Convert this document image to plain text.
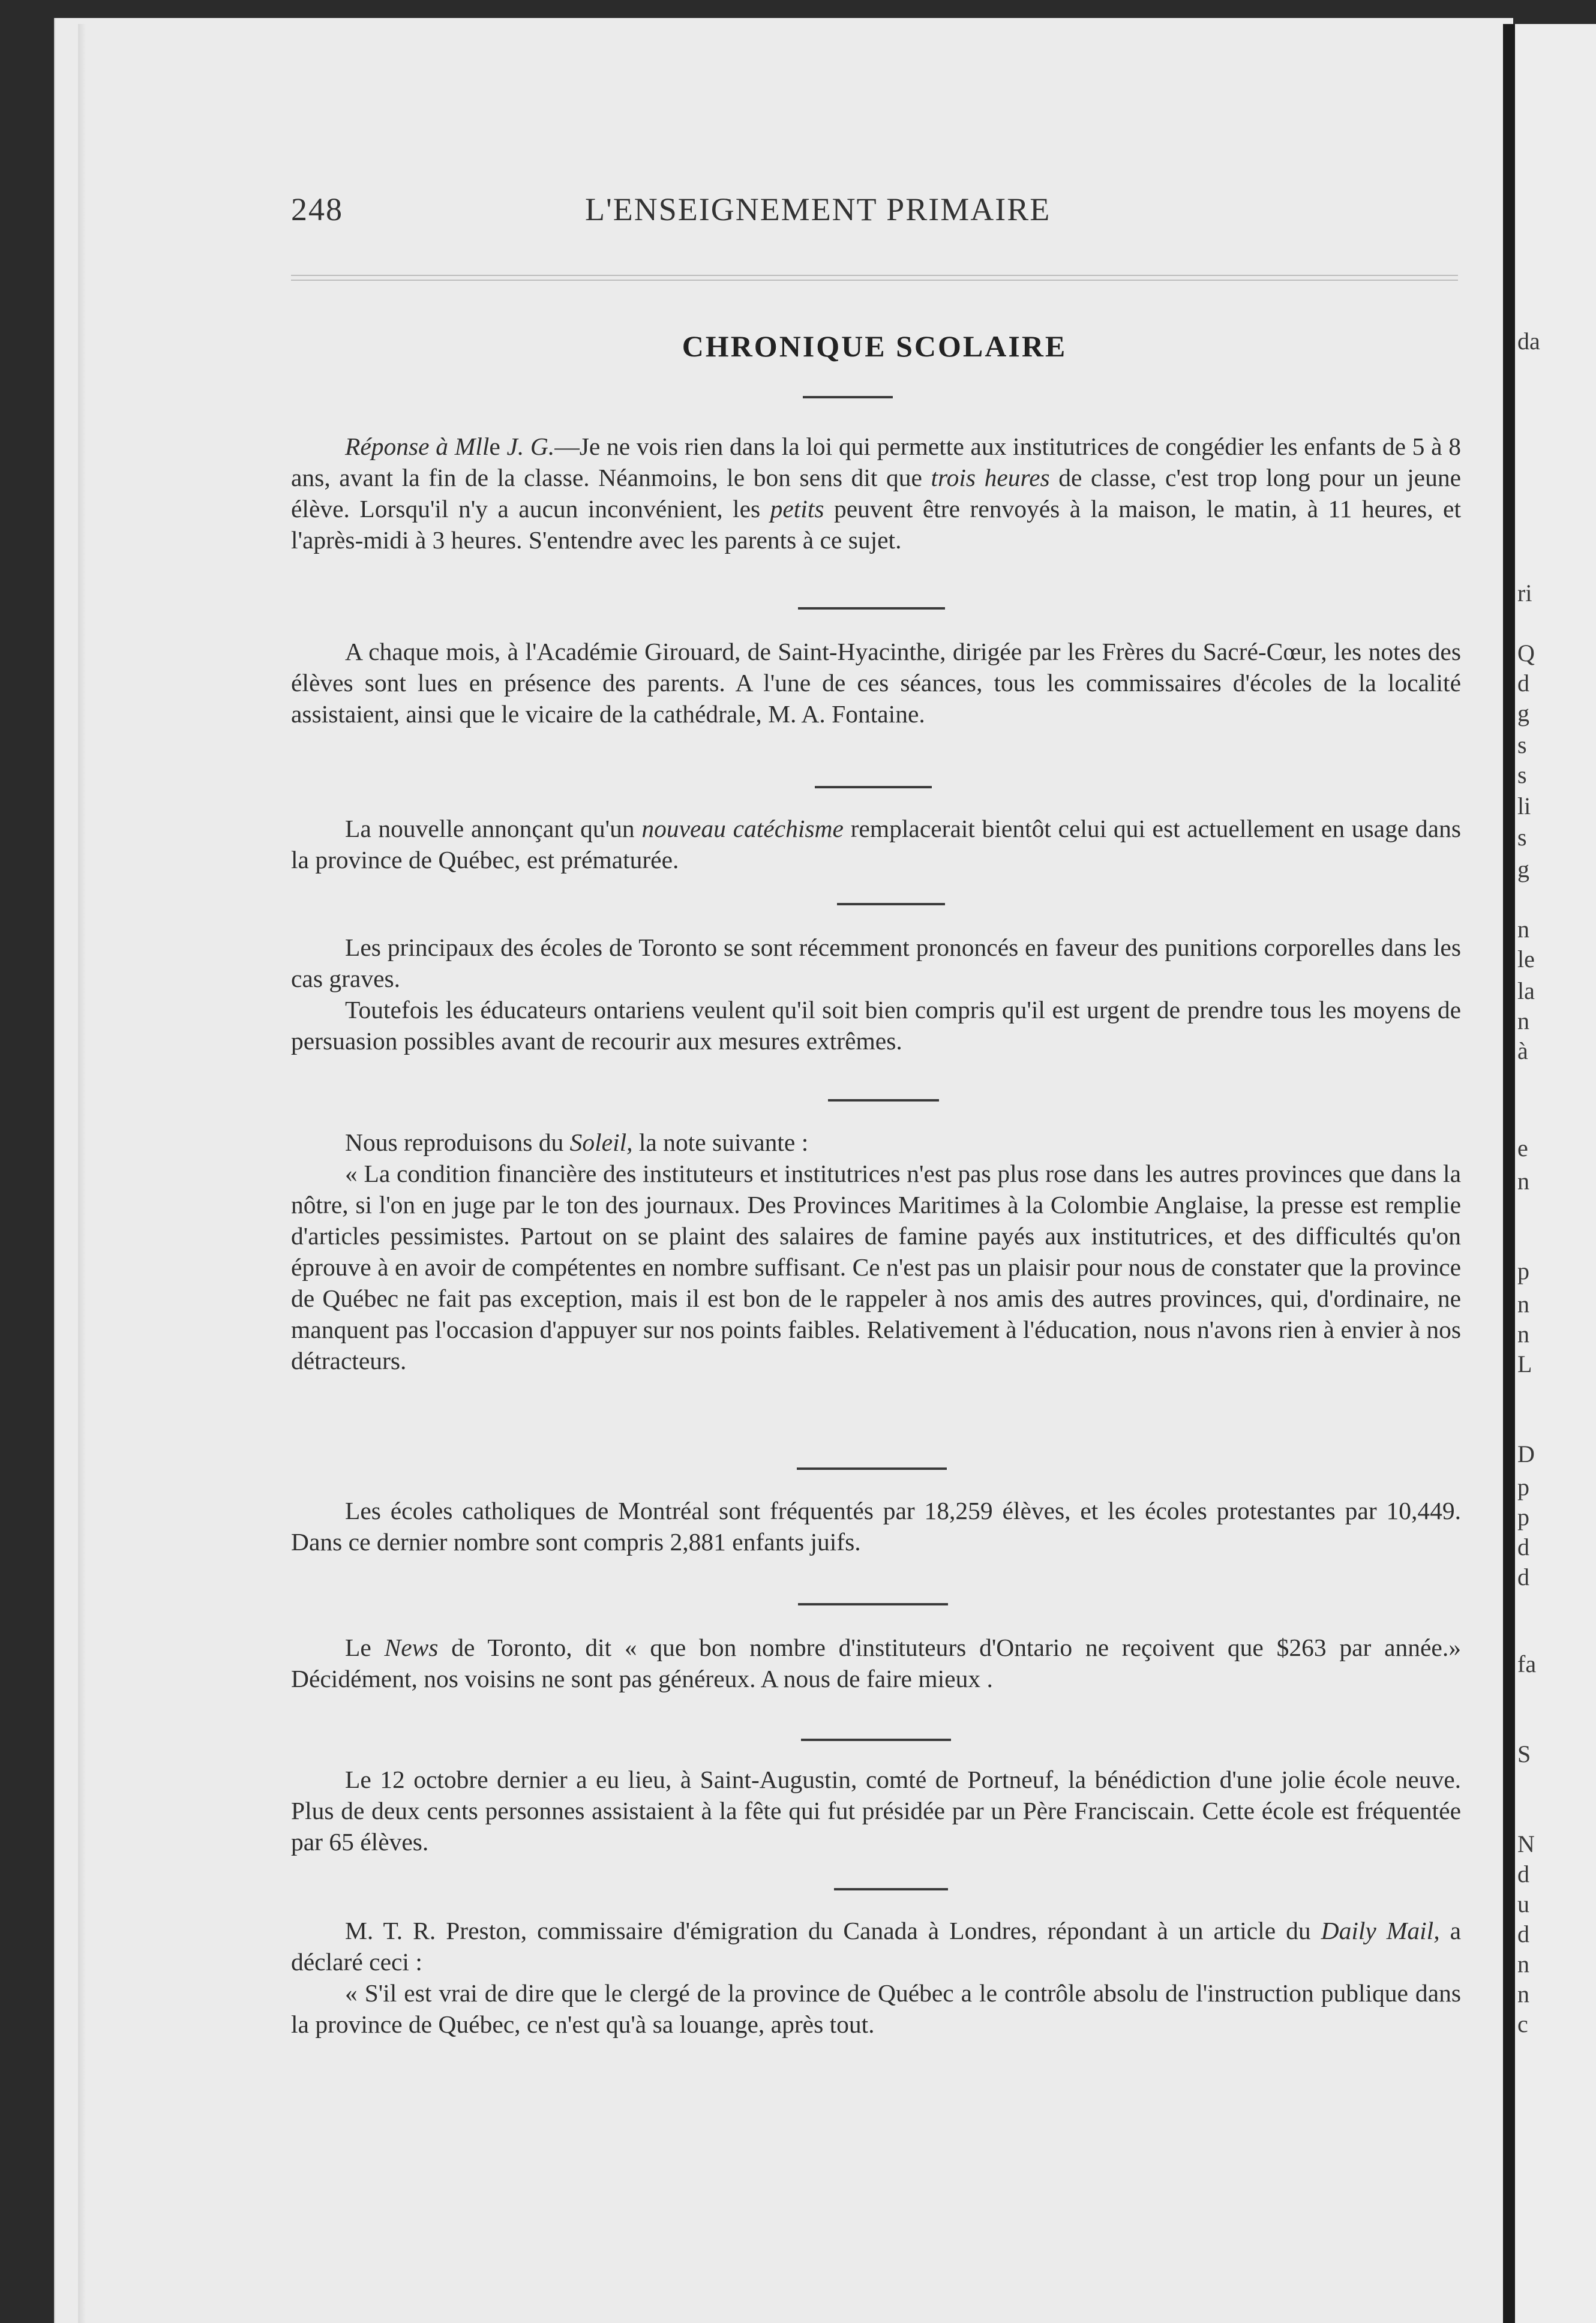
da
ri
Q
d
g
s
s
li
s
g
n
le
la
n
à
e
n
p
n
n
L
D
p
p
d
d
fa
S
N
d
u
d
n
n
c
248	L'ENSEIGNEMENT PRIMAIRE
CHRONIQUE SCOLAIRE

Réponse à Mlle J. G.—Je ne vois rien dans la loi qui permette aux institutrices de congédier les enfants de 5 à 8 ans, avant la fin de la classe. Néanmoins, le bon sens dit que trois heures de classe, c'est trop long pour un jeune élève. Lorsqu'il n'y a aucun inconvénient, les petits peuvent être renvoyés à la maison, le matin, à 11 heures, et l'après-midi à 3 heures. S'entendre avec les parents à ce sujet.

A chaque mois, à l'Académie Girouard, de Saint-Hyacinthe, dirigée par les Frères du Sacré-Cœur, les notes des élèves sont lues en présence des parents. A l'une de ces séances, tous les commissaires d'écoles de la localité assistaient, ainsi que le vicaire de la cathédrale, M. A. Fontaine.

La nouvelle annonçant qu'un nouveau catéchisme remplacerait bientôt celui qui est actuellement en usage dans la province de Québec, est prématurée.

Les principaux des écoles de Toronto se sont récemment prononcés en faveur des punitions corporelles dans les cas graves.

Toutefois les éducateurs ontariens veulent qu'il soit bien compris qu'il est urgent de prendre tous les moyens de persuasion possibles avant de recourir aux mesures extrêmes.

Nous reproduisons du Soleil, la note suivante :

« La condition financière des instituteurs et institutrices n'est pas plus rose dans les autres provinces que dans la nôtre, si l'on en juge par le ton des journaux. Des Provinces Maritimes à la Colombie Anglaise, la presse est remplie d'articles pessimistes. Partout on se plaint des salaires de famine payés aux institutrices, et des difficultés qu'on éprouve à en avoir de compétentes en nombre suffisant. Ce n'est pas un plaisir pour nous de constater que la province de Québec ne fait pas exception, mais il est bon de le rappeler à nos amis des autres provinces, qui, d'ordinaire, ne manquent pas l'occasion d'appuyer sur nos points faibles. Relativement à l'éducation, nous n'avons rien à envier à nos détracteurs.

Les écoles catholiques de Montréal sont fréquentés par 18,259 élèves, et les écoles protestantes par 10,449. Dans ce dernier nombre sont compris 2,881 enfants juifs.

Le News de Toronto, dit « que bon nombre d'instituteurs d'Ontario ne reçoivent que $263 par année.» Décidément, nos voisins ne sont pas généreux. A nous de faire mieux .

Le 12 octobre dernier a eu lieu, à Saint-Augustin, comté de Portneuf, la bénédiction d'une jolie école neuve. Plus de deux cents personnes assistaient à la fête qui fut présidée par un Père Franciscain. Cette école est fréquentée par 65 élèves.

M. T. R. Preston, commissaire d'émigration du Canada à Londres, répondant à un article du Daily Mail, a déclaré ceci :

« S'il est vrai de dire que le clergé de la province de Québec a le contrôle absolu de l'instruction publique dans la province de Québec, ce n'est qu'à sa louange, après tout.
